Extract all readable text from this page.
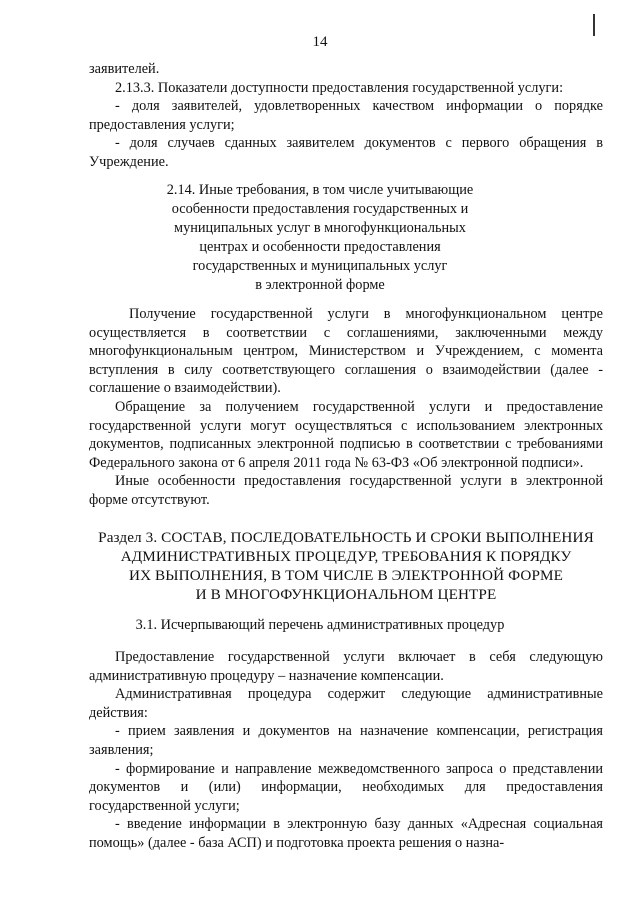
14

заявителей.

2.13.3. Показатели доступности предоставления государственной услуги:

- доля заявителей, удовлетворенных качеством информации о порядке предоставления услуги;

- доля случаев сданных заявителем документов с первого обращения в Учреждение.

2.14. Иные требования, в том числе учитывающие

особенности предоставления государственных и

муниципальных услуг в многофункциональных

центрах и особенности предоставления

государственных и муниципальных услуг

в электронной форме

Получение государственной услуги в многофункциональном центре осуществляется в соответствии с соглашениями, заключенными между многофункциональным центром, Министерством и Учреждением, с момента вступления в силу соответствующего соглашения о взаимодействии (далее - соглашение о взаимодействии).

Обращение за получением государственной услуги и предоставление государственной услуги могут осуществляться с использованием электронных документов, подписанных электронной подписью в соответствии с требованиями Федерального закона от 6 апреля 2011 года № 63-ФЗ «Об электронной подписи».

Иные особенности предоставления государственной услуги в электронной форме отсутствуют.

Раздел 3. СОСТАВ, ПОСЛЕДОВАТЕЛЬНОСТЬ И СРОКИ ВЫПОЛНЕНИЯ

АДМИНИСТРАТИВНЫХ ПРОЦЕДУР, ТРЕБОВАНИЯ К ПОРЯДКУ

ИХ ВЫПОЛНЕНИЯ, В ТОМ ЧИСЛЕ В ЭЛЕКТРОННОЙ ФОРМЕ

И В МНОГОФУНКЦИОНАЛЬНОМ ЦЕНТРЕ

3.1. Исчерпывающий перечень административных процедур

Предоставление государственной услуги включает в себя следующую административную процедуру – назначение компенсации.

Административная процедура содержит следующие административные действия:

- прием заявления и документов на назначение компенсации, регистрация заявления;

- формирование и направление межведомственного запроса о представлении документов и (или) информации, необходимых для предоставления государственной услуги;

- введение информации в электронную базу данных «Адресная социальная помощь» (далее - база АСП) и подготовка проекта решения о назна-
